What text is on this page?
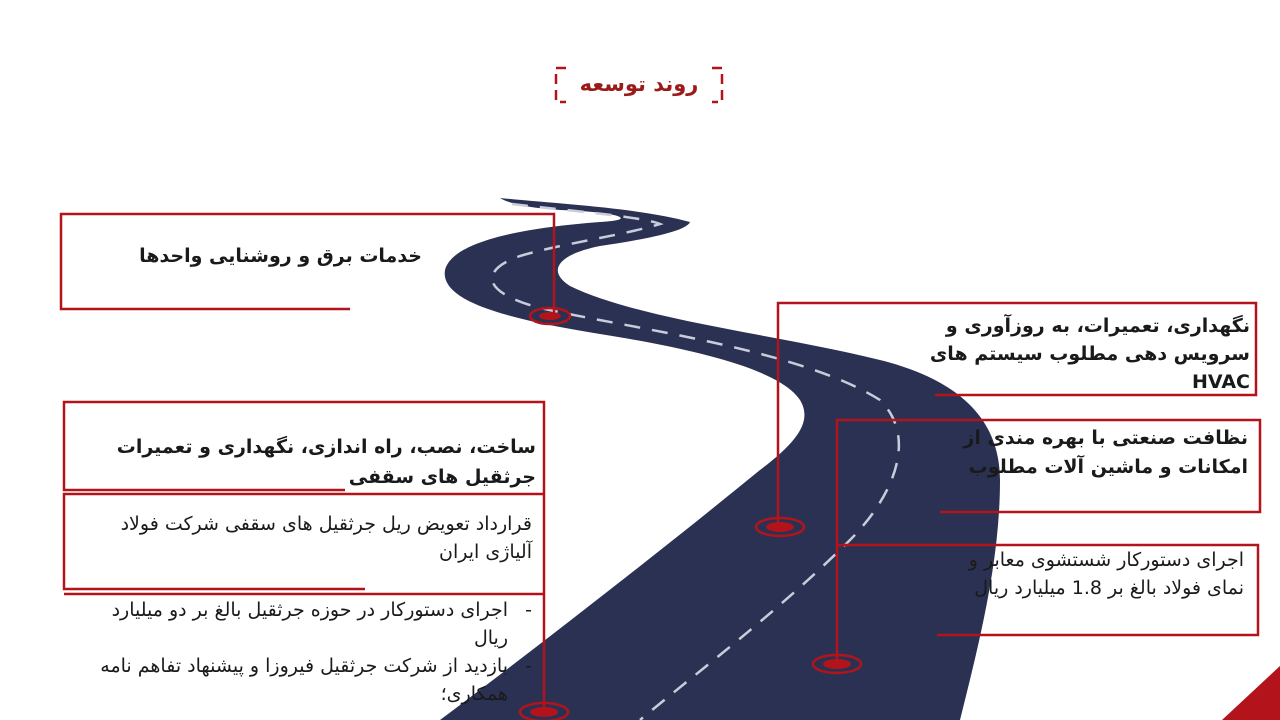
روند توسعه
خدمات برق و روشنایی واحدها
نگهداری، تعمیرات، به روزآوری و سرویس دهی مطلوب سیستم های HVAC
نظافت صنعتی با بهره مندی از امکانات و ماشین آلات مطلوب
ساخت، نصب، راه اندازی، نگهداری و تعمیرات جرثقیل های سقفی
قرارداد تعویض ریل جرثقیل های سقفی شرکت فولاد آلیاژی ایران	اجرای دستورکار شستشوی معابر و نمای فولاد بالغ بر 1.8 میلیارد ریال
- اجرای دستورکار در حوزه جرثقیل بالغ بر دو میلیارد ریال
- بازدید از شرکت جرثقیل فیروزا و پیشنهاد تفاهم نامه همکاری؛
